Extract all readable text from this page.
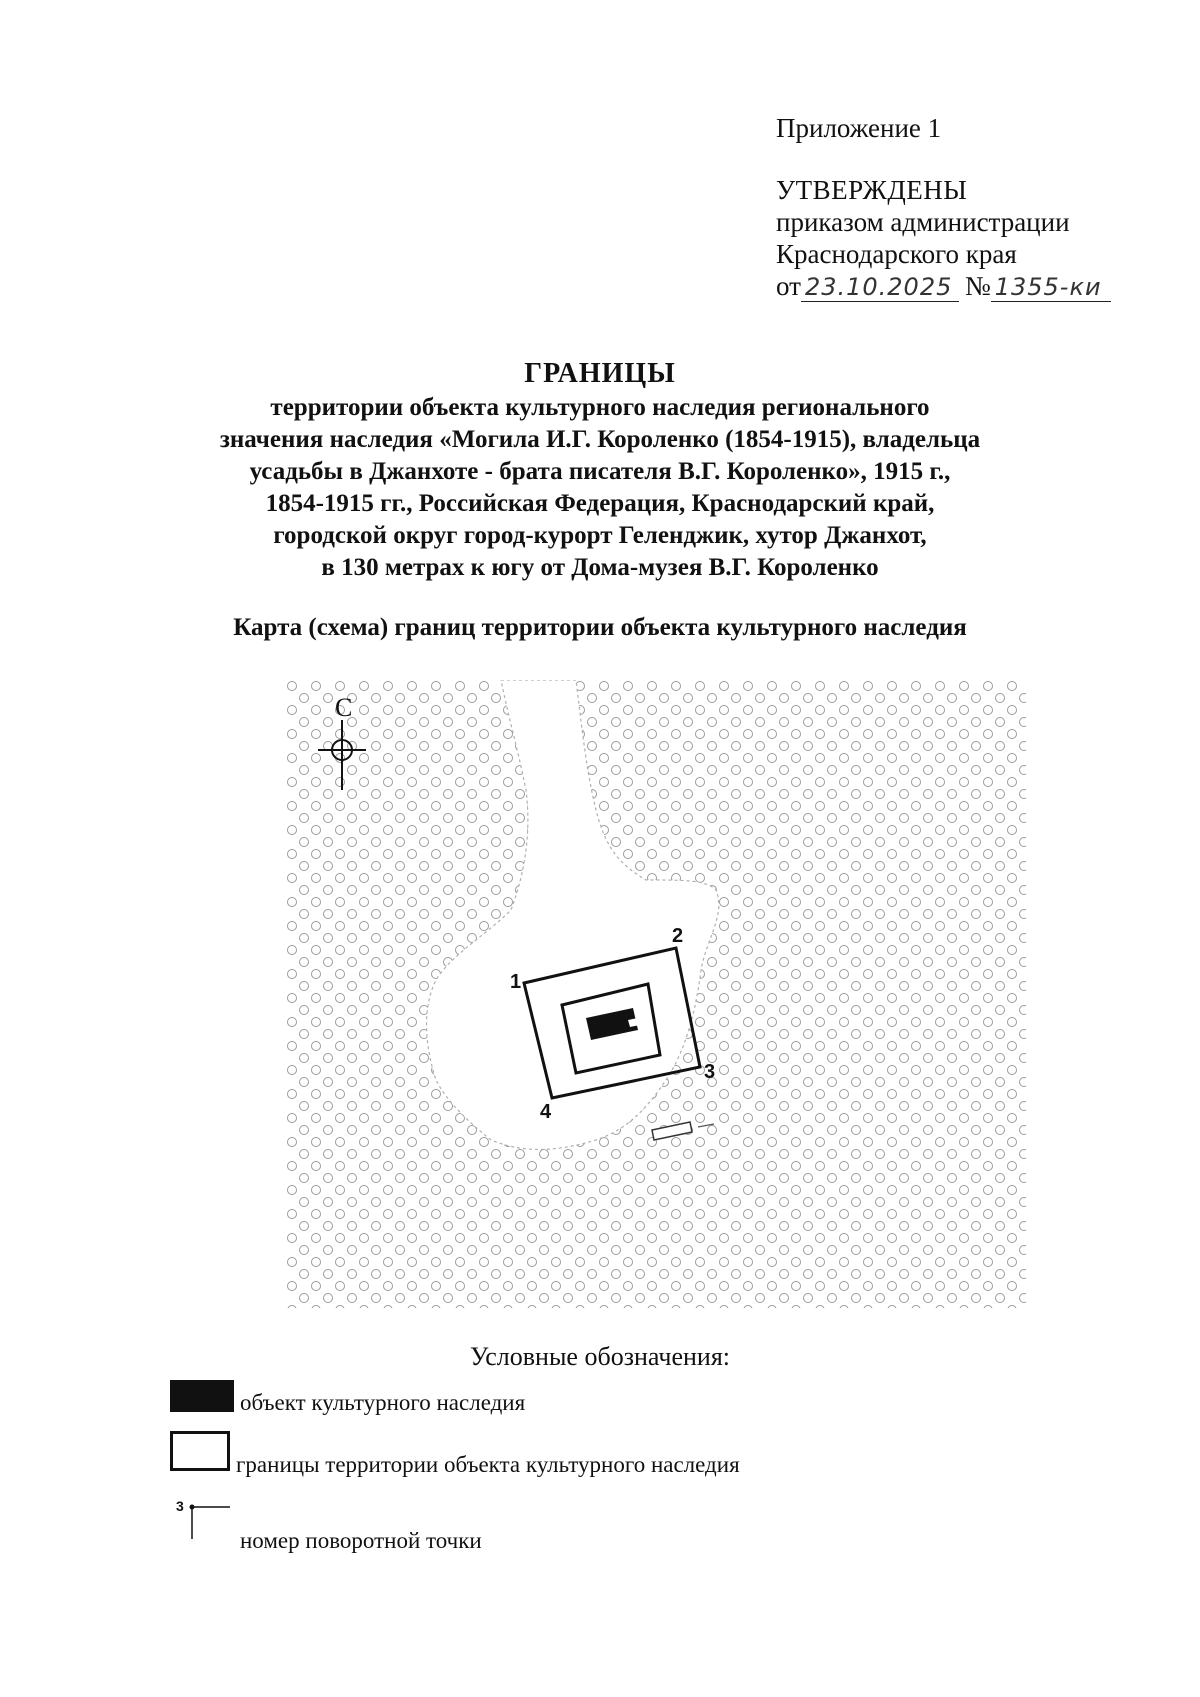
Приложение 1
УТВЕРЖДЕНЫ
приказом администрации
Краснодарского края
от 23.10.2025 № 1355-ки
ГРАНИЦЫ
территории объекта культурного наследия регионального
значения наследия «Могила И.Г. Короленко (1854-1915), владельца
усадьбы в Джанхоте - брата писателя В.Г. Короленко», 1915 г.,
1854-1915 гг., Российская Федерация, Краснодарский край,
городской округ город-курорт Геленджик, хутор Джанхот,
в 130 метрах к югу от Дома-музея В.Г. Короленко
Карта (схема) границ территории объекта культурного наследия
С
1
2
3
4
Условные обозначения:
объект культурного наследия
границы территории объекта культурного наследия
3
номер поворотной точки
